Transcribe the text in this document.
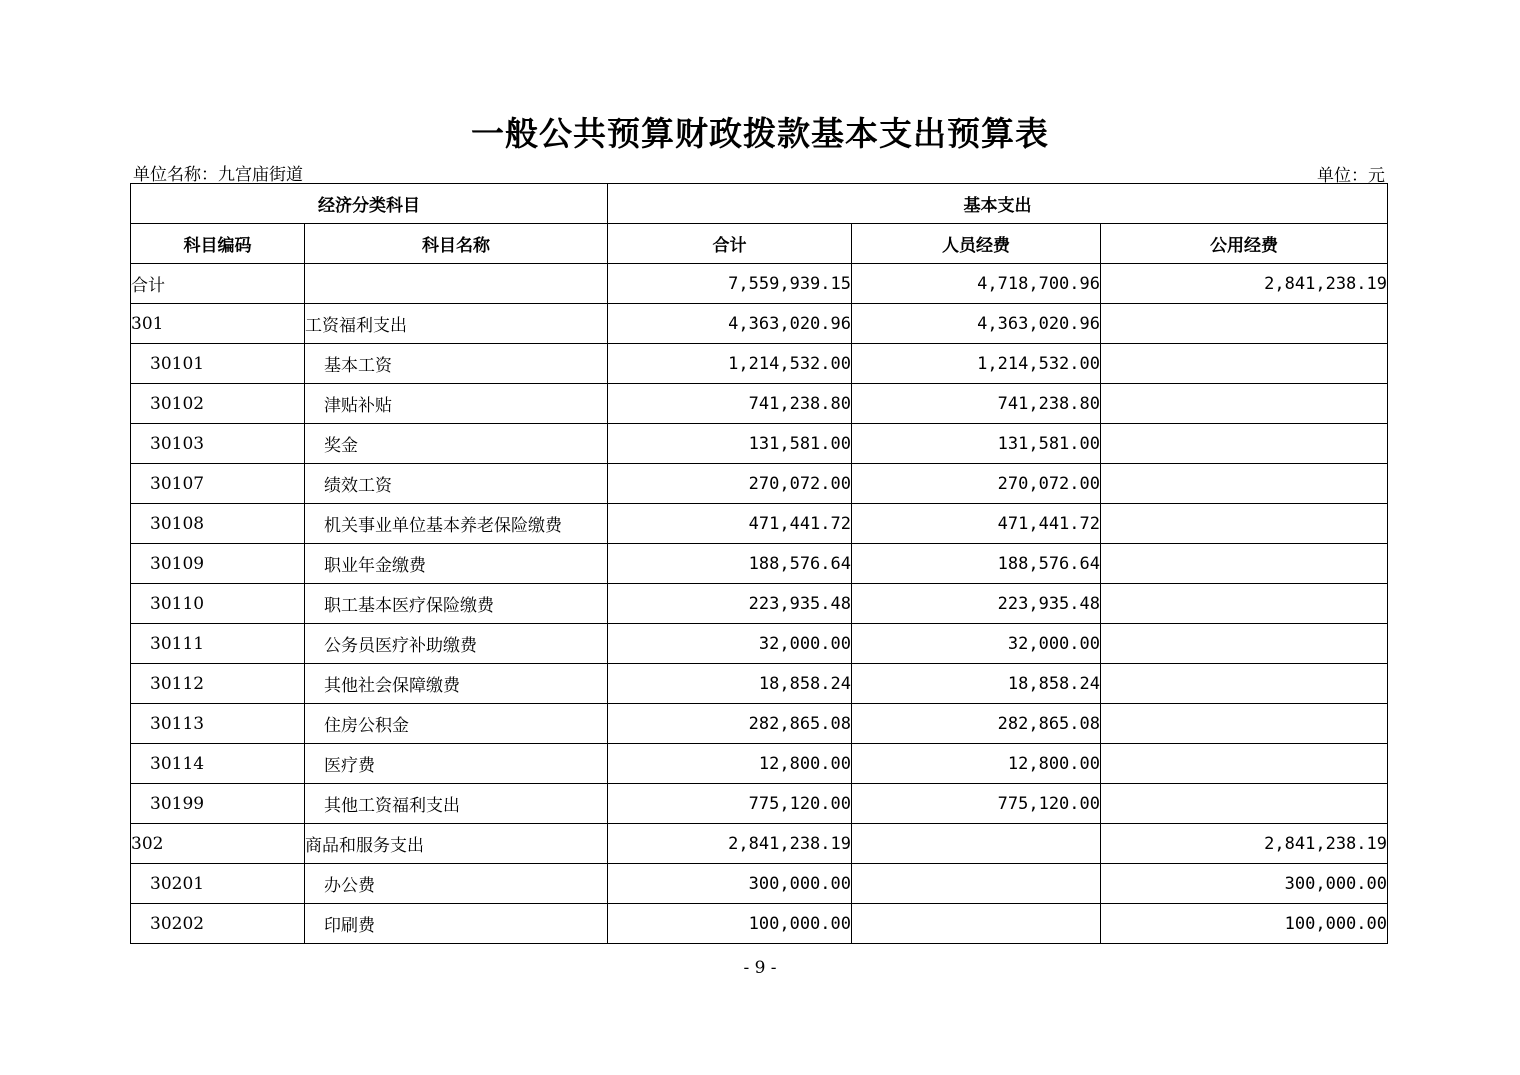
一般公共预算财政拨款基本支出预算表
单位名称：九宫庙街道	单位：元
经济分类科目		基本支出		
科目编码	科目名称	合计	人员经费	公用经费
合计		7,559,939.15	4,718,700.96	2,841,238.19
301	工资福利支出	4,363,020.96	4,363,020.96	
30101	基本工资	1,214,532.00	1,214,532.00	
30102	津贴补贴	741,238.80	741,238.80	
30103	奖金	131,581.00	131,581.00	
30107	绩效工资	270,072.00	270,072.00	
30108	机关事业单位基本养老保险缴费	471,441.72	471,441.72	
30109	职业年金缴费	188,576.64	188,576.64	
30110	职工基本医疗保险缴费	223,935.48	223,935.48	
30111	公务员医疗补助缴费	32,000.00	32,000.00	
30112	其他社会保障缴费	18,858.24	18,858.24	
30113	住房公积金	282,865.08	282,865.08	
30114	医疗费	12,800.00	12,800.00	
30199	其他工资福利支出	775,120.00	775,120.00	
302	商品和服务支出	2,841,238.19		2,841,238.19
30201	办公费	300,000.00		300,000.00
30202	印刷费	100,000.00		100,000.00
- 9 -
